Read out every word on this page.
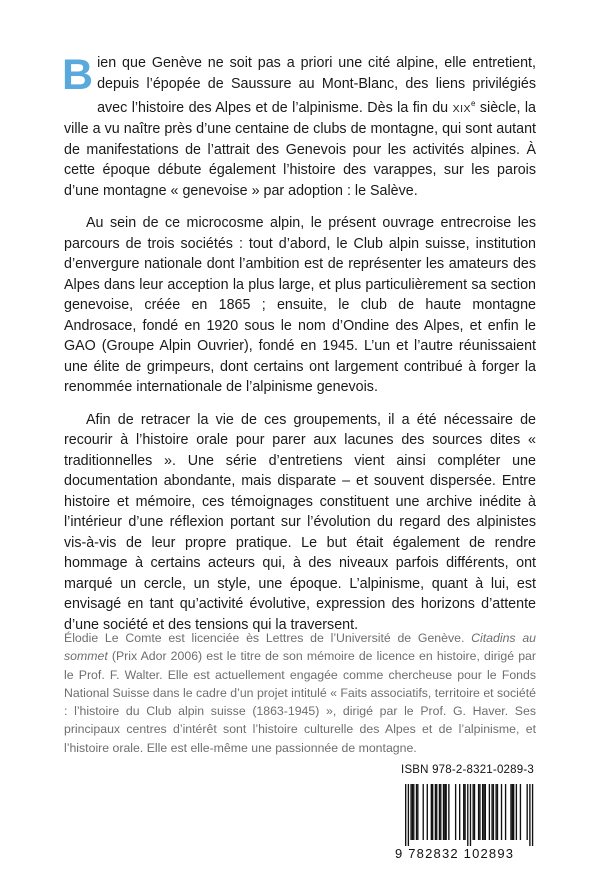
Bien que Genève ne soit pas a priori une cité alpine, elle entretient, depuis l’épopée de Saussure au Mont-Blanc, des liens privilégiés avec l’histoire des Alpes et de l’alpinisme. Dès la fin du XIXe siècle, la ville a vu naître près d’une centaine de clubs de montagne, qui sont autant de manifestations de l’attrait des Genevois pour les activités alpines. À cette époque débute également l’histoire des varappes, sur les parois d’une montagne « genevoise » par adoption : le Salève.

Au sein de ce microcosme alpin, le présent ouvrage entrecroise les parcours de trois sociétés : tout d’abord, le Club alpin suisse, institution d’envergure nationale dont l’ambition est de représenter les amateurs des Alpes dans leur acception la plus large, et plus particulièrement sa section genevoise, créée en 1865 ; ensuite, le club de haute montagne Androsace, fondé en 1920 sous le nom d’Ondine des Alpes, et enfin le GAO (Groupe Alpin Ouvrier), fondé en 1945. L’un et l’autre réunissaient une élite de grimpeurs, dont certains ont largement contribué à forger la renommée internationale de l’alpinisme genevois.

Afin de retracer la vie de ces groupements, il a été nécessaire de recourir à l’histoire orale pour parer aux lacunes des sources dites « traditionnelles ». Une série d’entretiens vient ainsi compléter une documentation abondante, mais disparate – et souvent dispersée. Entre histoire et mémoire, ces témoignages constituent une archive inédite à l’intérieur d’une réflexion portant sur l’évolution du regard des alpinistes vis-à-vis de leur propre pratique. Le but était également de rendre hommage à certains acteurs qui, à des niveaux parfois différents, ont marqué un cercle, un style, une époque. L’alpinisme, quant à lui, est envisagé en tant qu’activité évolutive, expression des horizons d’attente d’une société et des tensions qui la traversent.

Élodie Le Comte est licenciée ès Lettres de l’Université de Genève. Citadins au sommet (Prix Ador 2006) est le titre de son mémoire de licence en histoire, dirigé par le Prof. F. Walter. Elle est actuellement engagée comme chercheuse pour le Fonds National Suisse dans le cadre d’un projet intitulé « Faits associatifs, territoire et société : l’histoire du Club alpin suisse (1863-1945) », dirigé par le Prof. G. Haver. Ses principaux centres d’intérêt sont l’histoire culturelle des Alpes et de l’alpinisme, et l’histoire orale. Elle est elle-même une passionnée de montagne.

ISBN 978-2-8321-0289-3
9 782832 102893
